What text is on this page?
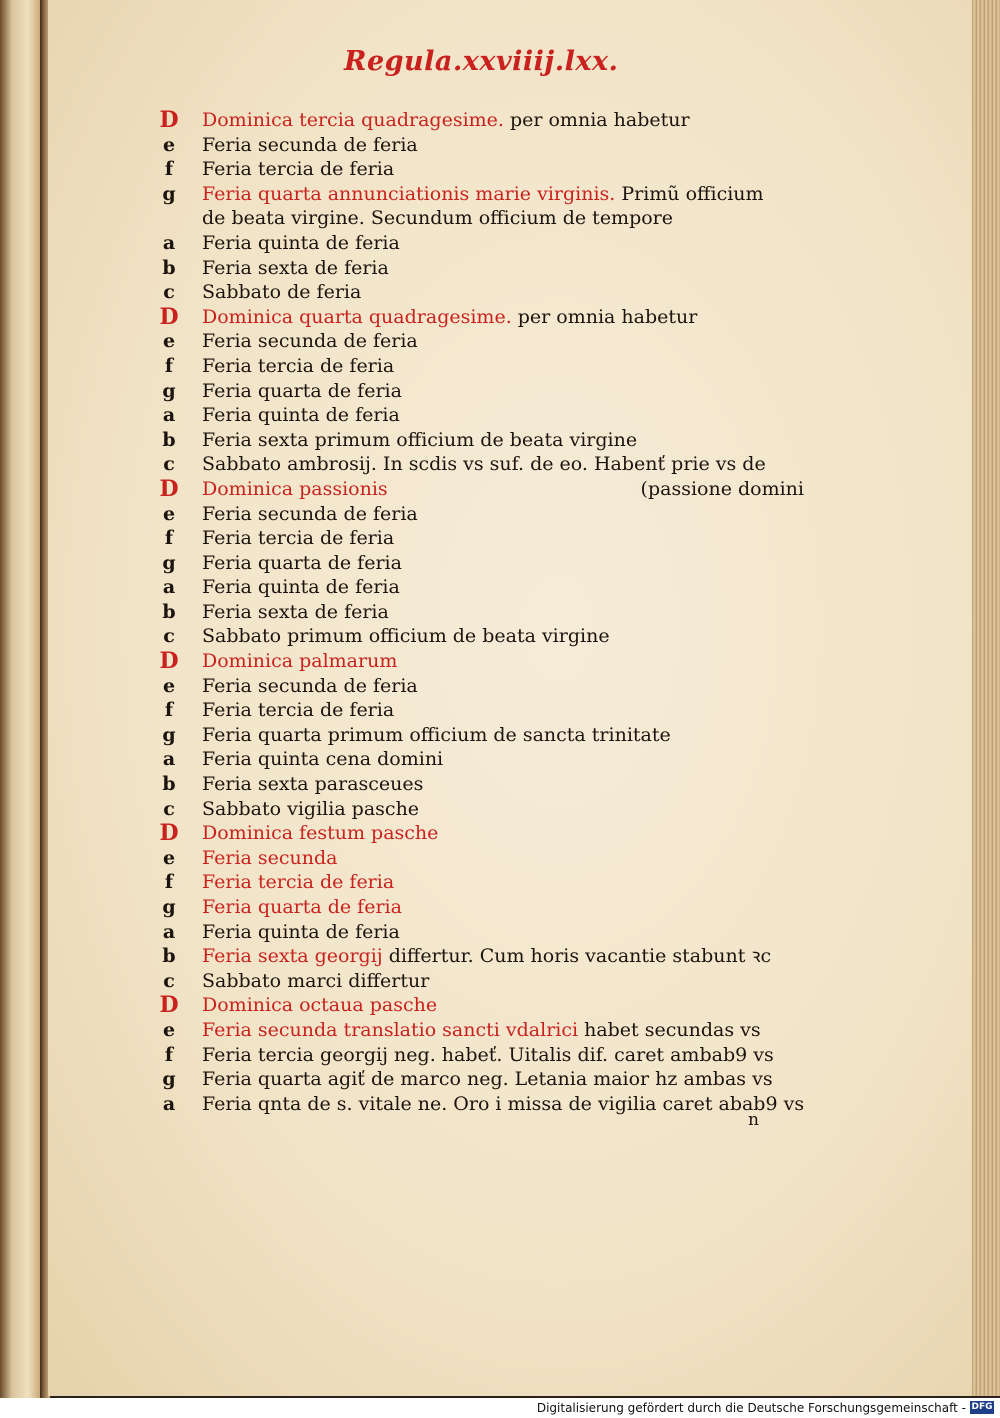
Regula.xxviiij.lxx.
D	Dominica tercia quadragesime. per omnia habetur
e	Feria secunda de feria
f	Feria tercia de feria
g	Feria quarta annunciationis marie virginis. Primũ officium
de beata virgine. Secundum officium de tempore
a	Feria quinta de feria
b	Feria sexta de feria
c	Sabbato de feria
D	Dominica quarta quadragesime. per omnia habetur
e	Feria secunda de feria
f	Feria tercia de feria
g	Feria quarta de feria
a	Feria quinta de feria
b	Feria sexta primum officium de beata virgine
c	Sabbato ambrosij. In scdis vs suf. de eo. Habenť prie vs de
D	Dominica passionis	(passione domini
e	Feria secunda de feria
f	Feria tercia de feria
g	Feria quarta de feria
a	Feria quinta de feria
b	Feria sexta de feria
c	Sabbato primum officium de beata virgine
D	Dominica palmarum
e	Feria secunda de feria
f	Feria tercia de feria
g	Feria quarta primum officium de sancta trinitate
a	Feria quinta cena domini
b	Feria sexta parasceues
c	Sabbato vigilia pasche
D	Dominica festum pasche
e	Feria secunda
f	Feria tercia de feria
g	Feria quarta de feria
a	Feria quinta de feria
b	Feria sexta georgij differtur. Cum horis vacantie stabunt ꝛc
c	Sabbato marci differtur
D	Dominica octaua pasche
e	Feria secunda translatio sancti vdalrici habet secundas vs
f	Feria tercia georgij neg. habeť. Uitalis dif. caret ambab9 vs
g	Feria quarta agiť de marco neg. Letania maior hz ambas vs
a	Feria qnta de s. vitale ne. Oro i missa de vigilia caret abab9 vs
n
Digitalisierung gefördert durch die Deutsche Forschungsgemeinschaft - DFG
